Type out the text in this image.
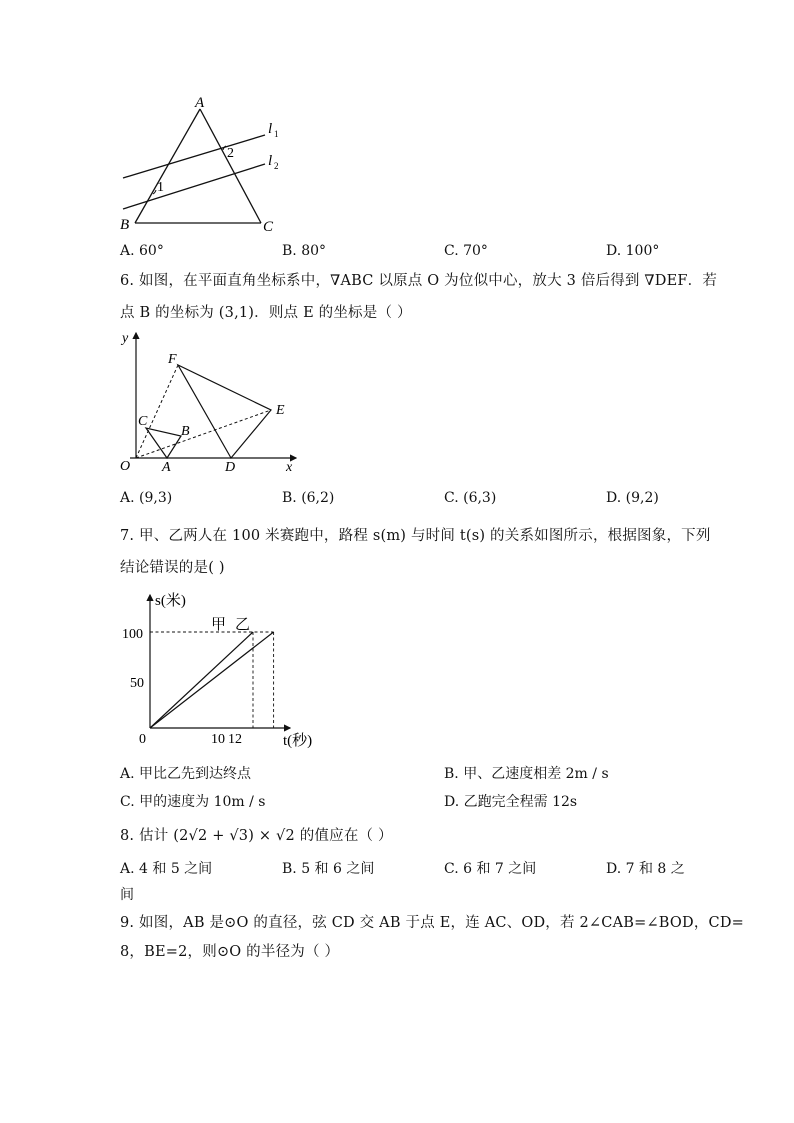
A
B	C
l 1
l 2
1
2
A. 60°	B. 80°	C. 70°	D. 100°
6. 如图，在平面直角坐标系中，∇ABC 以原点 O 为位似中心，放大 3 倍后得到 ∇DEF．若
点 B 的坐标为 (3,1)．则点 E 的坐标是（ ）
y
x
O A
B
C
D
E
F
A. (9,3)	B. (6,2)	C. (6,3)	D. (9,2)
7. 甲、乙两人在 100 米赛跑中，路程 s(m) 与时间 t(s) 的关系如图所示，根据图象，下列
结论错误的是( )
s(米)
t(秒)
0
100
50
10 12
甲 乙
A. 甲比乙先到达终点	B. 甲、乙速度相差 2m / s
C. 甲的速度为 10m / s	D. 乙跑完全程需 12s
8. 估计 (2√2 + √3) × √2 的值应在（ ）
A. 4 和 5 之间	B. 5 和 6 之间	C. 6 和 7 之间	D. 7 和 8 之
间
9. 如图，AB 是⊙O 的直径，弦 CD 交 AB 于点 E，连 AC、OD，若 2∠CAB=∠BOD，CD=
8，BE=2，则⊙O 的半径为（ ）
